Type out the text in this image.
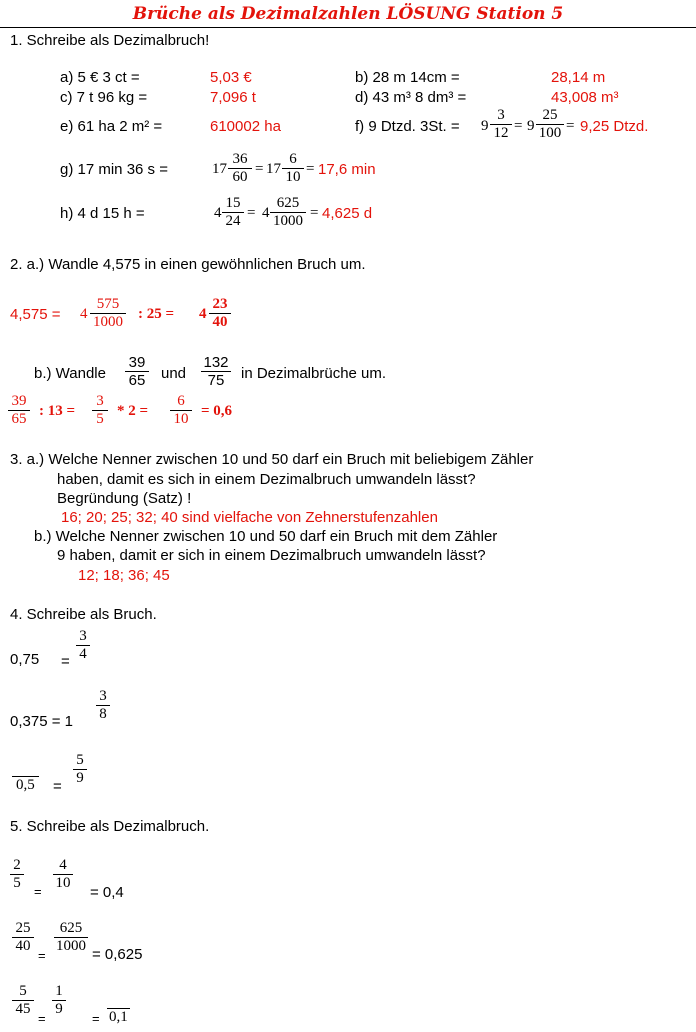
Brüche als Dezimalzahlen LÖSUNG Station 5
1. Schreibe als Dezimalbruch!
a) 5 € 3 ct =	5,03 €	b) 28 m 14cm =	28,14 m
c) 7 t 96 kg =	7,096 t	d) 43 m³ 8 dm³ =	43,008 m³
e) 61 ha 2 m² =	610002 ha	f) 9 Dtzd. 3St. = 9
3
12 = 9
25
100 = 9,25 Dtzd.
g) 17 min 36 s =	17
36
60 = 17
6
10 = 17,6 min
h) 4 d 15 h =	4
15
24 = 4
625
1000 = 4,625 d
2. a.) Wandle 4,575 in einen gewöhnlichen Bruch um.
4,575 = 4
575
1000 : 25 = 4
23
40
b.) Wandle
39
65 und
132
75	in Dezimalbrüche um.
39
65 : 13 =
3
5 * 2 =
6
10 = 0,6
3. a.) Welche Nenner zwischen 10 und 50 darf ein Bruch mit beliebigem Zähler
haben, damit es sich in einem Dezimalbruch umwandeln lässt?
Begründung (Satz) !
16; 20; 25; 32; 40 sind vielfache von Zehnerstufenzahlen
b.) Welche Nenner zwischen 10 und 50 darf ein Bruch mit dem Zähler
9 haben, damit er sich in einem Dezimalbruch umwandeln lässt?
12; 18; 36; 45
4. Schreibe als Bruch.
0,75 =
3
4
0,375 = 1
3
8
0,5 =
5
9
5. Schreibe als Dezimalbruch.
2
5
=
4
10
= 0,4
25
40
=
625
1000 = 0,625
5
45
=
1
9
= 0,1
